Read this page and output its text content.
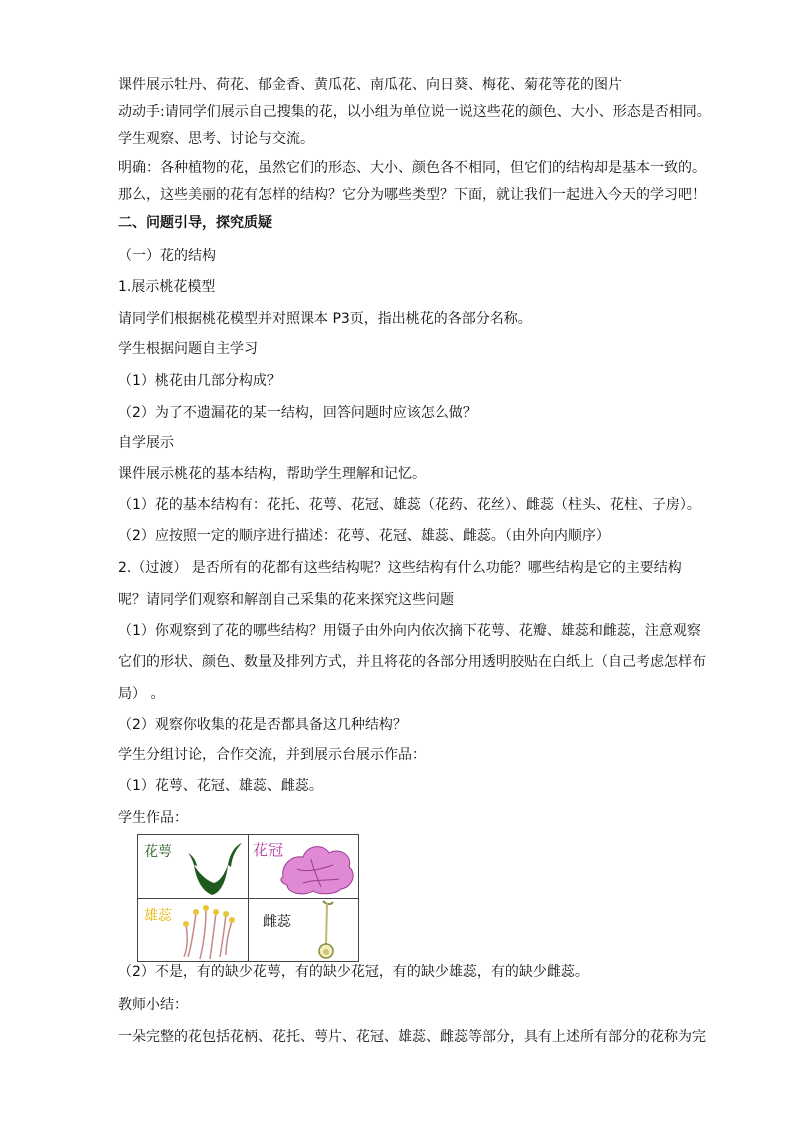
课件展示牡丹、荷花、郁金香、黄瓜花、南瓜花、向日葵、梅花、菊花等花的图片
动动手:请同学们展示自己搜集的花，以小组为单位说一说这些花的颜色、大小、形态是否相同。
学生观察、思考、讨论与交流。
明确：各种植物的花，虽然它们的形态、大小、颜色各不相同，但它们的结构却是基本一致的。
那么，这些美丽的花有怎样的结构？它分为哪些类型？下面，就让我们一起进入今天的学习吧！
二、问题引导，探究质疑
（一）花的结构
1.展示桃花模型
请同学们根据桃花模型并对照课本 P3页，指出桃花的各部分名称。
学生根据问题自主学习
（1）桃花由几部分构成？
（2）为了不遗漏花的某一结构，回答问题时应该怎么做？
自学展示
课件展示桃花的基本结构，帮助学生理解和记忆。
（1）花的基本结构有：花托、花萼、花冠、雄蕊（花药、花丝）、雌蕊（柱头、花柱、子房）。
（2）应按照一定的顺序进行描述：花萼、花冠、雄蕊、雌蕊。（由外向内顺序）
2.（过渡） 是否所有的花都有这些结构呢？这些结构有什么功能？哪些结构是它的主要结构
呢？请同学们观察和解剖自己采集的花来探究这些问题
（1）你观察到了花的哪些结构？用镊子由外向内依次摘下花萼、花瓣、雄蕊和雌蕊，注意观察
它们的形状、颜色、数量及排列方式，并且将花的各部分用透明胶贴在白纸上（自己考虑怎样布
局） 。
（2）观察你收集的花是否都具备这几种结构？
学生分组讨论，合作交流，并到展示台展示作品：
（1）花萼、花冠、雄蕊、雌蕊。
学生作品：
花萼	花冠
雄蕊	雌蕊
（2）不是，有的缺少花萼，有的缺少花冠，有的缺少雄蕊，有的缺少雌蕊。
教师小结：
一朵完整的花包括花柄、花托、萼片、花冠、雄蕊、雌蕊等部分，具有上述所有部分的花称为完
